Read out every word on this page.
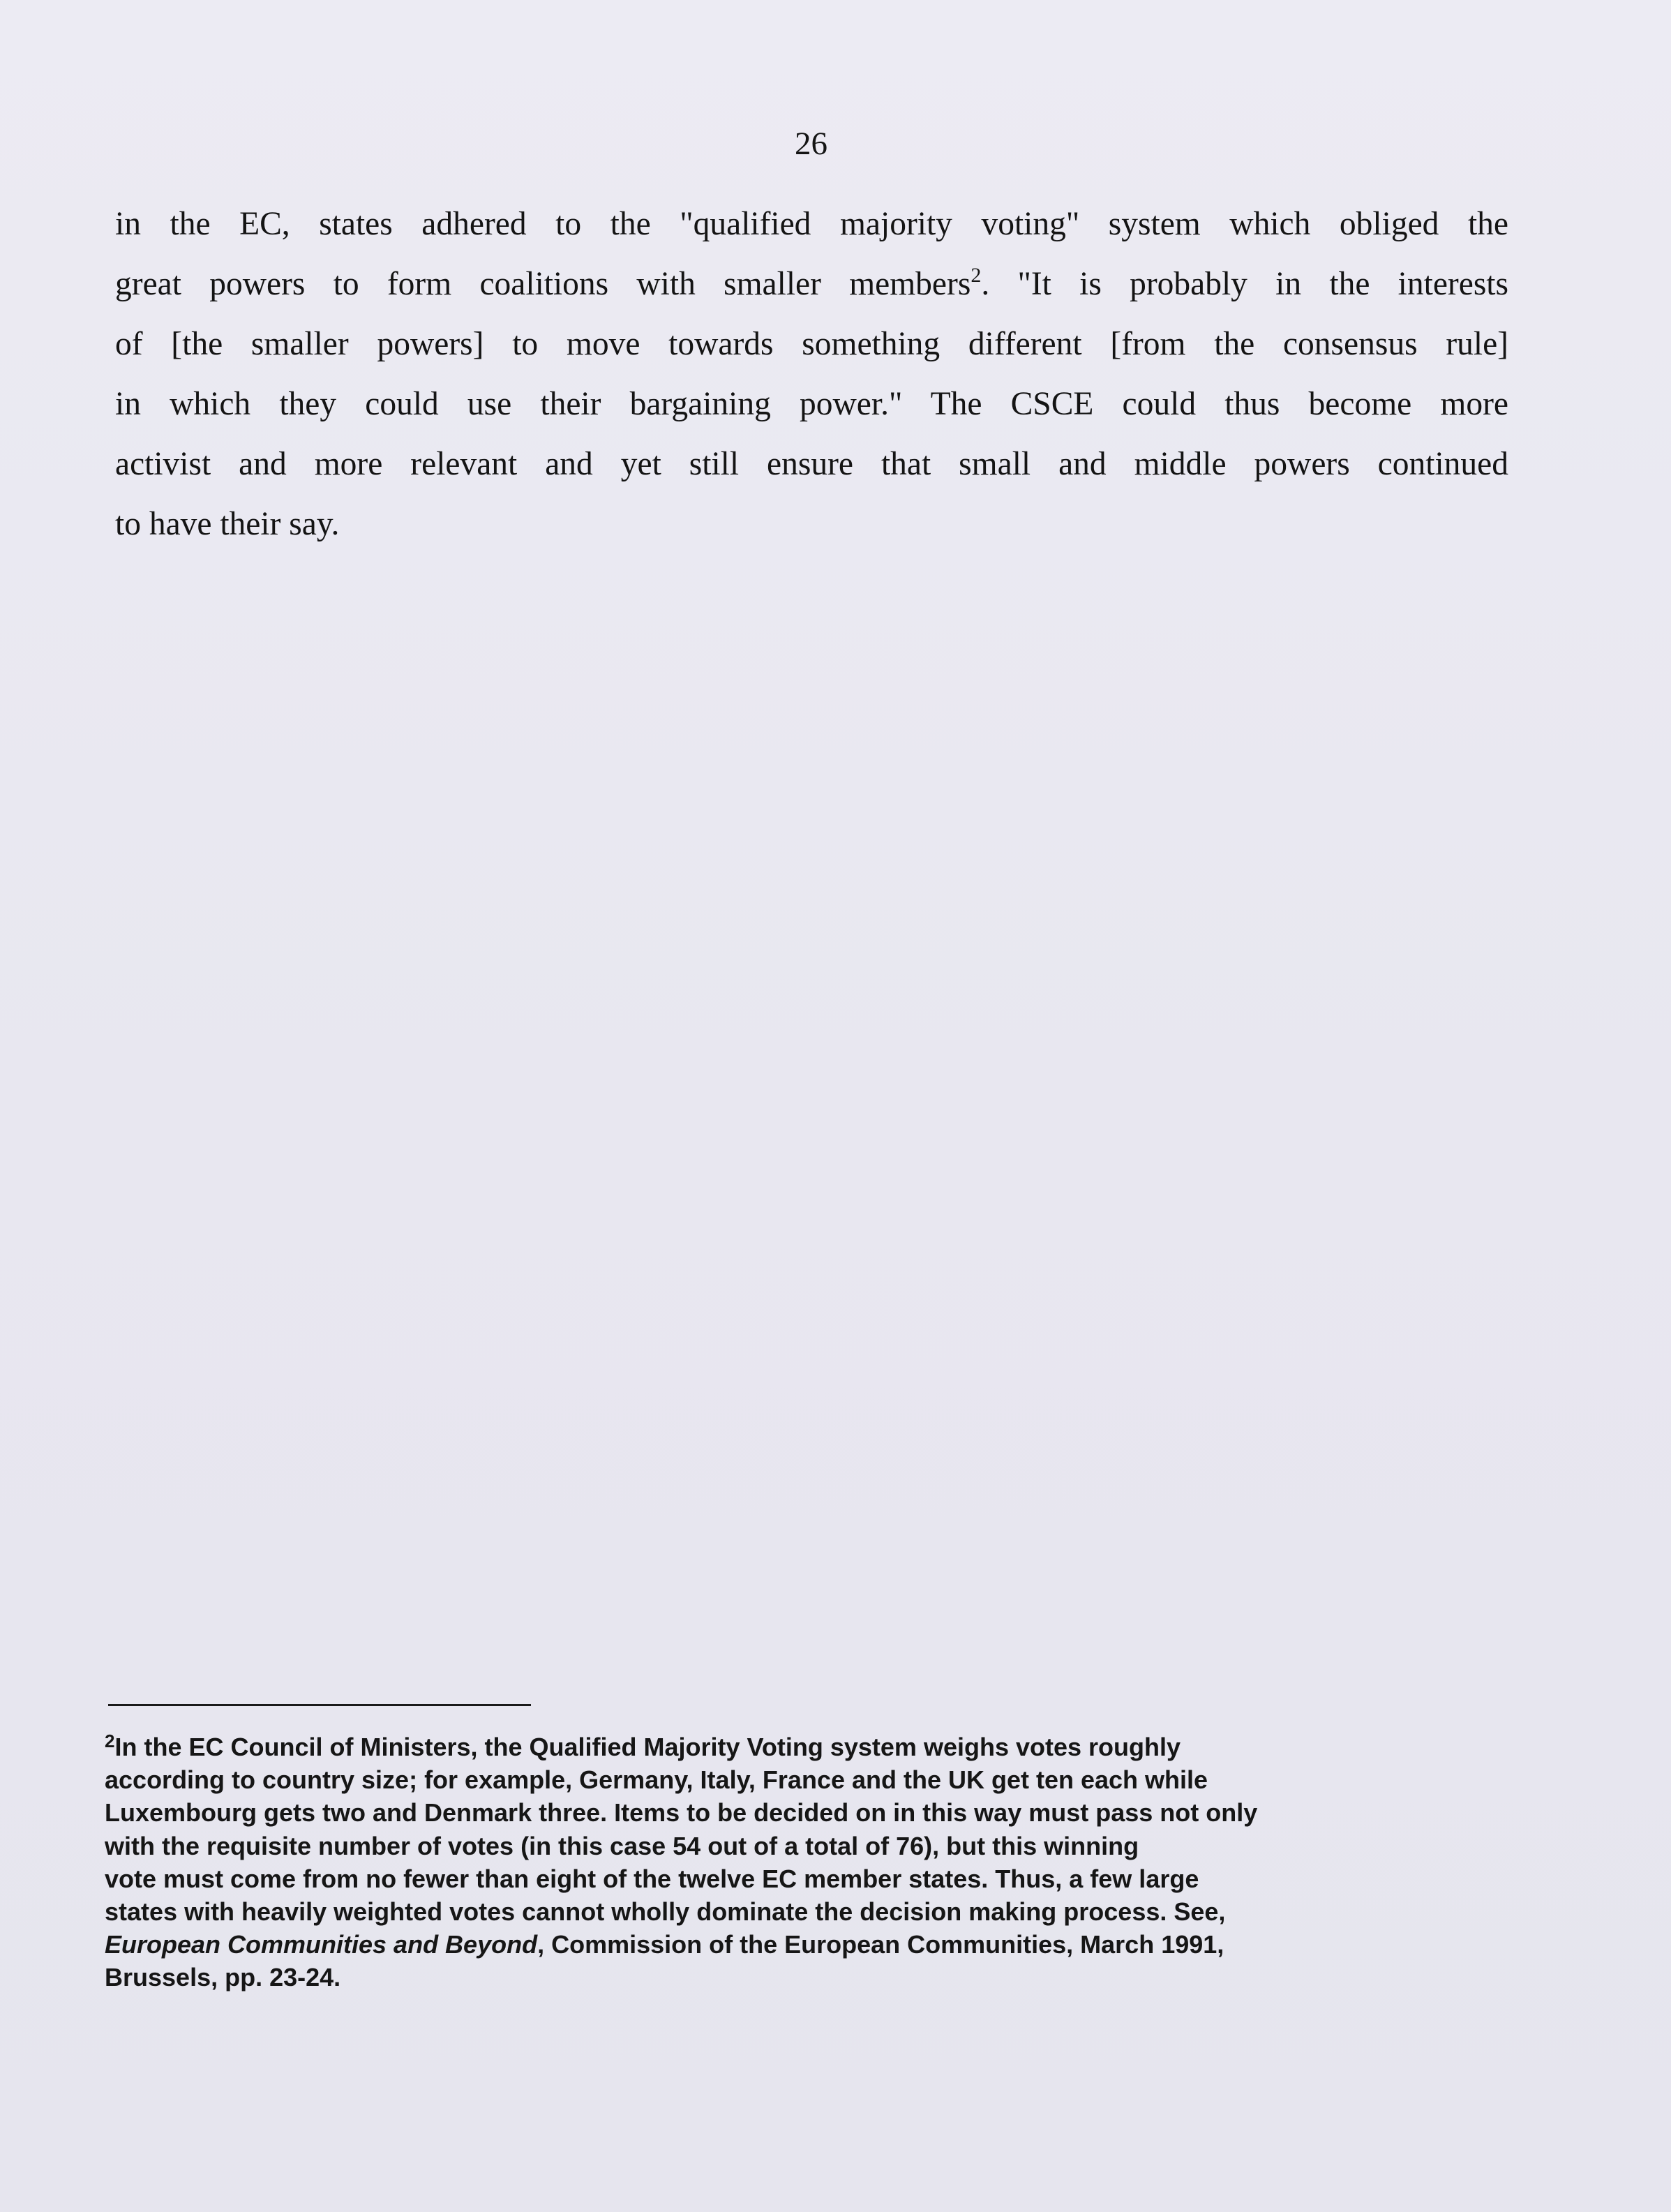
26
in the EC, states adhered to the "qualified majority voting" system which obliged the
great powers to form coalitions with smaller members$^2$. "It is probably in the interests
of [the smaller powers] to move towards something different [from the consensus rule]
in which they could use their bargaining power." The CSCE could thus become more
activist and more relevant and yet still ensure that small and middle powers continued
to have their say.
$^2$In the EC Council of Ministers, the Qualified Majority Voting system weighs votes roughly
according to country size; for example, Germany, Italy, France and the UK get ten each while
Luxembourg gets two and Denmark three. Items to be decided on in this way must pass not only
with the requisite number of votes (in this case 54 out of a total of 76), but this winning
vote must come from no fewer than eight of the twelve EC member states. Thus, a few large
states with heavily weighted votes cannot wholly dominate the decision making process. See,
European Communities and Beyond, Commission of the European Communities, March 1991,
Brussels, pp. 23-24.
